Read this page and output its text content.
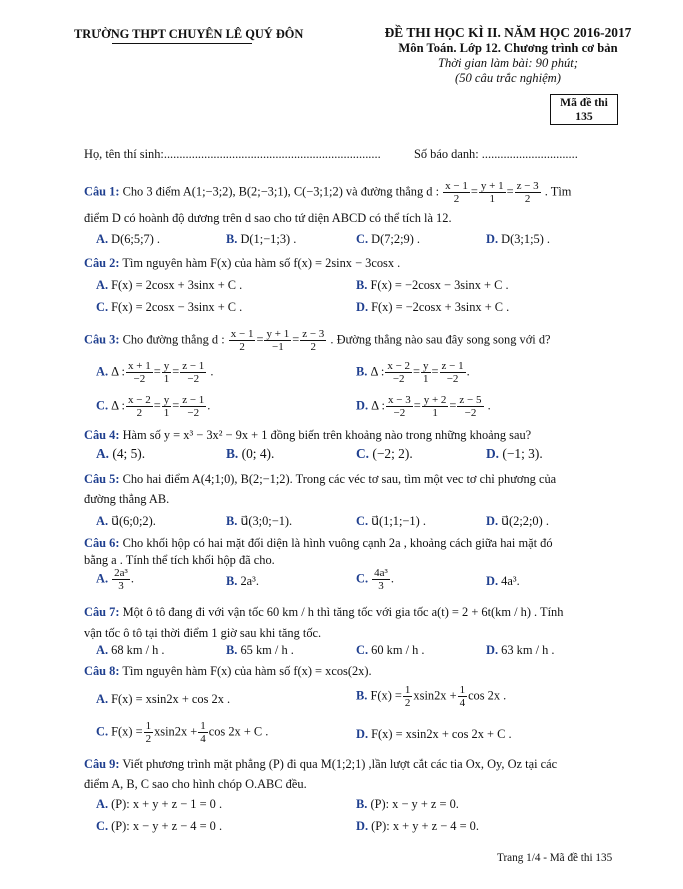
TRƯỜNG THPT CHUYÊN LÊ QUÝ ĐÔN	ĐỀ THI HỌC KÌ II. NĂM HỌC 2016-2017
Môn Toán. Lớp 12. Chương trình cơ bản
Thời gian làm bài: 90 phút;
(50 câu trắc nghiệm)
Mã đề thi
135
Họ, tên thí sinh:......................................................................	Số báo danh: ...............................
Câu 1: Cho 3 điểm A(1;−3;2), B(2;−3;1), C(−3;1;2) và đường thẳng d : $\frac{x - 1}{2} = \frac{y + 1}{1} = \frac{z - 3}{2}$ . Tìm
điểm D có hoành độ dương trên d sao cho tứ diện ABCD có thể tích là 12.
A. D(6;5;7) .	B. D(1;−1;3) .	C. D(7;2;9) .	D. D(3;1;5) .
Câu 2: Tìm nguyên hàm F(x) của hàm số f(x) = 2sinx − 3cosx .
A. F(x) = 2cosx + 3sinx + C .	B. F(x) = −2cosx − 3sinx + C .
C. F(x) = 2cosx − 3sinx + C .	D. F(x) = −2cosx + 3sinx + C .
Câu 3: Cho đường thẳng d : $\frac{x - 1}{2} = \frac{y + 1}{-1} = \frac{z - 3}{2}$ . Đường thẳng nào sau đây song song với d?
A. Δ : $\frac{x + 1}{-2} = \frac{y}{1} = \frac{z - 1}{-2}$ .	B. Δ : $\frac{x - 2}{-2} = \frac{y}{1} = \frac{z - 1}{-2}$ .
C. Δ : $\frac{x - 2}{2} = \frac{y}{1} = \frac{z - 1}{-2}$ .	D. Δ : $\frac{x - 3}{-2} = \frac{y + 2}{1} = \frac{z - 5}{-2}$ .
Câu 4: Hàm số y = x³ − 3x² − 9x + 1 đồng biến trên khoảng nào trong những khoảng sau?
A. (4; 5).	B. (0; 4).	C. (−2; 2).	D. (−1; 3).
Câu 5: Cho hai điểm A(4;1;0), B(2;−1;2). Trong các véc tơ sau, tìm một vec tơ chỉ phương của
đường thẳng AB.
A. u⃗(6;0;2).	B. u⃗(3;0;−1).	C. u⃗(1;1;−1) .	D. u⃗(2;2;0) .
Câu 6: Cho khối hộp có hai mặt đối diện là hình vuông cạnh 2a , khoảng cách giữa hai mặt đó
bằng a . Tính thể tích khối hộp đã cho.
A. $\frac{\text{2a³}}{3}$ .	B. 2a³.	C. $\frac{\text{4a³}}{3}$ .	D. 4a³.
Câu 7: Một ô tô đang đi với vận tốc 60 km / h thì tăng tốc với gia tốc a(t) = 2 + 6t(km / h) . Tính
vận tốc ô tô tại thời điểm 1 giờ sau khi tăng tốc.
A. 68 km / h .	B. 65 km / h .	C. 60 km / h .	D. 63 km / h .
Câu 8: Tìm nguyên hàm F(x) của hàm số f(x) = xcos(2x).
A. F(x) = xsin2x + cos 2x .	B. $F(x) = \frac{1}{2} xsin2x + \frac{1}{4}$ cos 2x .
C. $F(x) = \frac{1}{2} xsin2x + \frac{1}{4}$ cos 2x + C .	D. F(x) = xsin2x + cos 2x + C .
Câu 9: Viết phương trình mặt phẳng (P) đi qua M(1;2;1) ,lần lượt cắt các tia Ox, Oy, Oz tại các
điểm A, B, C sao cho hình chóp O.ABC đều.
A. (P): x + y + z − 1 = 0 .	B. (P): x − y + z = 0.
C. (P): x − y + z − 4 = 0 .	D. (P): x + y + z − 4 = 0.
Trang 1/4 - Mã đề thi 135
